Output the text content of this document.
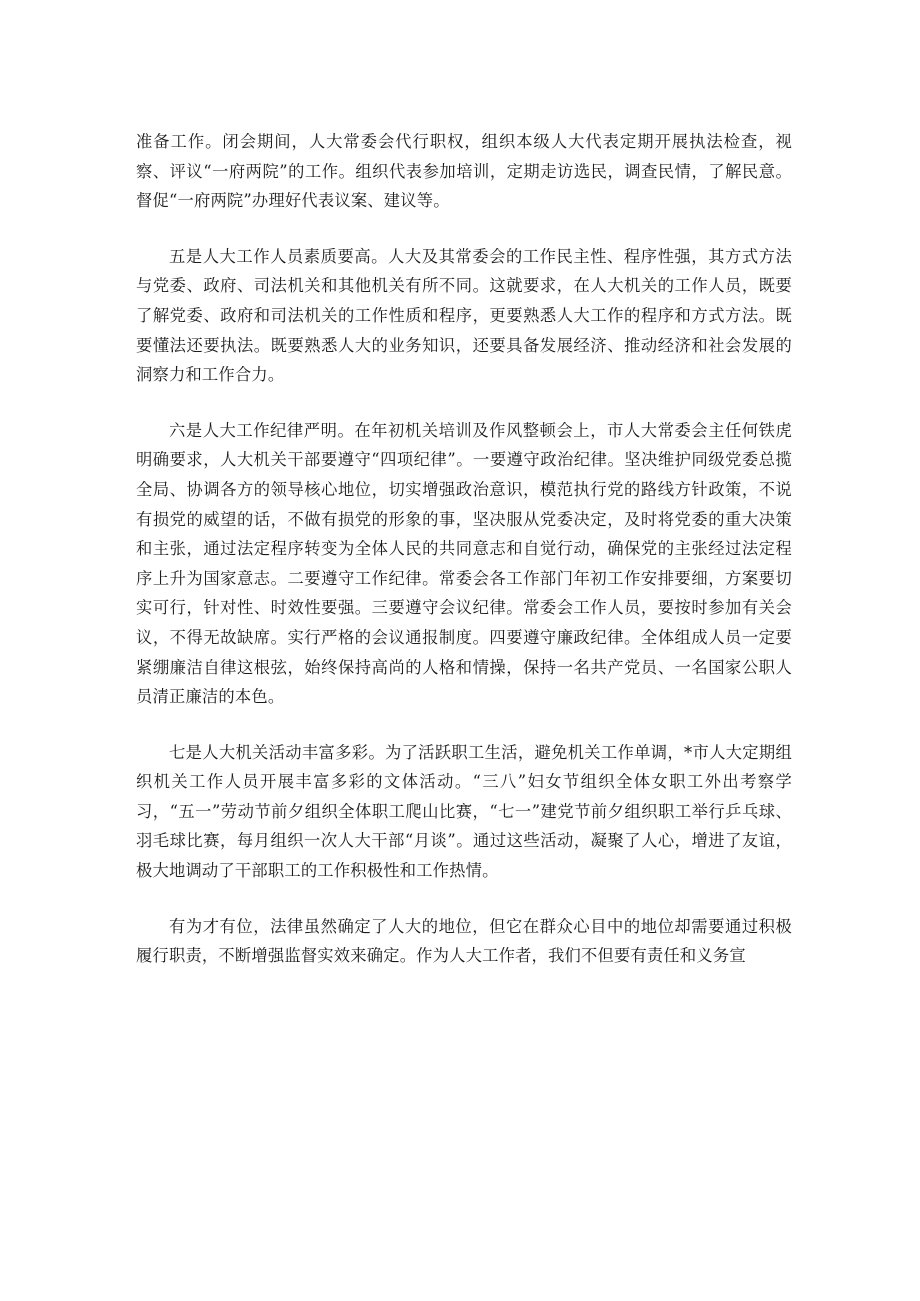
准备工作。闭会期间，人大常委会代行职权，组织本级人大代表定期开展执法检查，视察、评议“一府两院”的工作。组织代表参加培训，定期走访选民，调查民情，了解民意。督促“一府两院”办理好代表议案、建议等。

五是人大工作人员素质要高。人大及其常委会的工作民主性、程序性强，其方式方法与党委、政府、司法机关和其他机关有所不同。这就要求，在人大机关的工作人员，既要了解党委、政府和司法机关的工作性质和程序，更要熟悉人大工作的程序和方式方法。既要懂法还要执法。既要熟悉人大的业务知识，还要具备发展经济、推动经济和社会发展的洞察力和工作合力。

六是人大工作纪律严明。在年初机关培训及作风整顿会上，市人大常委会主任何铁虎明确要求，人大机关干部要遵守“四项纪律”。一要遵守政治纪律。坚决维护同级党委总揽全局、协调各方的领导核心地位，切实增强政治意识，模范执行党的路线方针政策，不说有损党的威望的话，不做有损党的形象的事，坚决服从党委决定，及时将党委的重大决策和主张，通过法定程序转变为全体人民的共同意志和自觉行动，确保党的主张经过法定程序上升为国家意志。二要遵守工作纪律。常委会各工作部门年初工作安排要细，方案要切实可行，针对性、时效性要强。三要遵守会议纪律。常委会工作人员，要按时参加有关会议，不得无故缺席。实行严格的会议通报制度。四要遵守廉政纪律。全体组成人员一定要紧绷廉洁自律这根弦，始终保持高尚的人格和情操，保持一名共产党员、一名国家公职人员清正廉洁的本色。

七是人大机关活动丰富多彩。为了活跃职工生活，避免机关工作单调，*市人大定期组织机关工作人员开展丰富多彩的文体活动。“三八”妇女节组织全体女职工外出考察学习，“五一”劳动节前夕组织全体职工爬山比赛，“七一”建党节前夕组织职工举行乒乓球、羽毛球比赛，每月组织一次人大干部“月谈”。通过这些活动，凝聚了人心，增进了友谊，极大地调动了干部职工的工作积极性和工作热情。

有为才有位，法律虽然确定了人大的地位，但它在群众心目中的地位却需要通过积极履行职责，不断增强监督实效来确定。作为人大工作者，我们不但要有责任和义务宣
